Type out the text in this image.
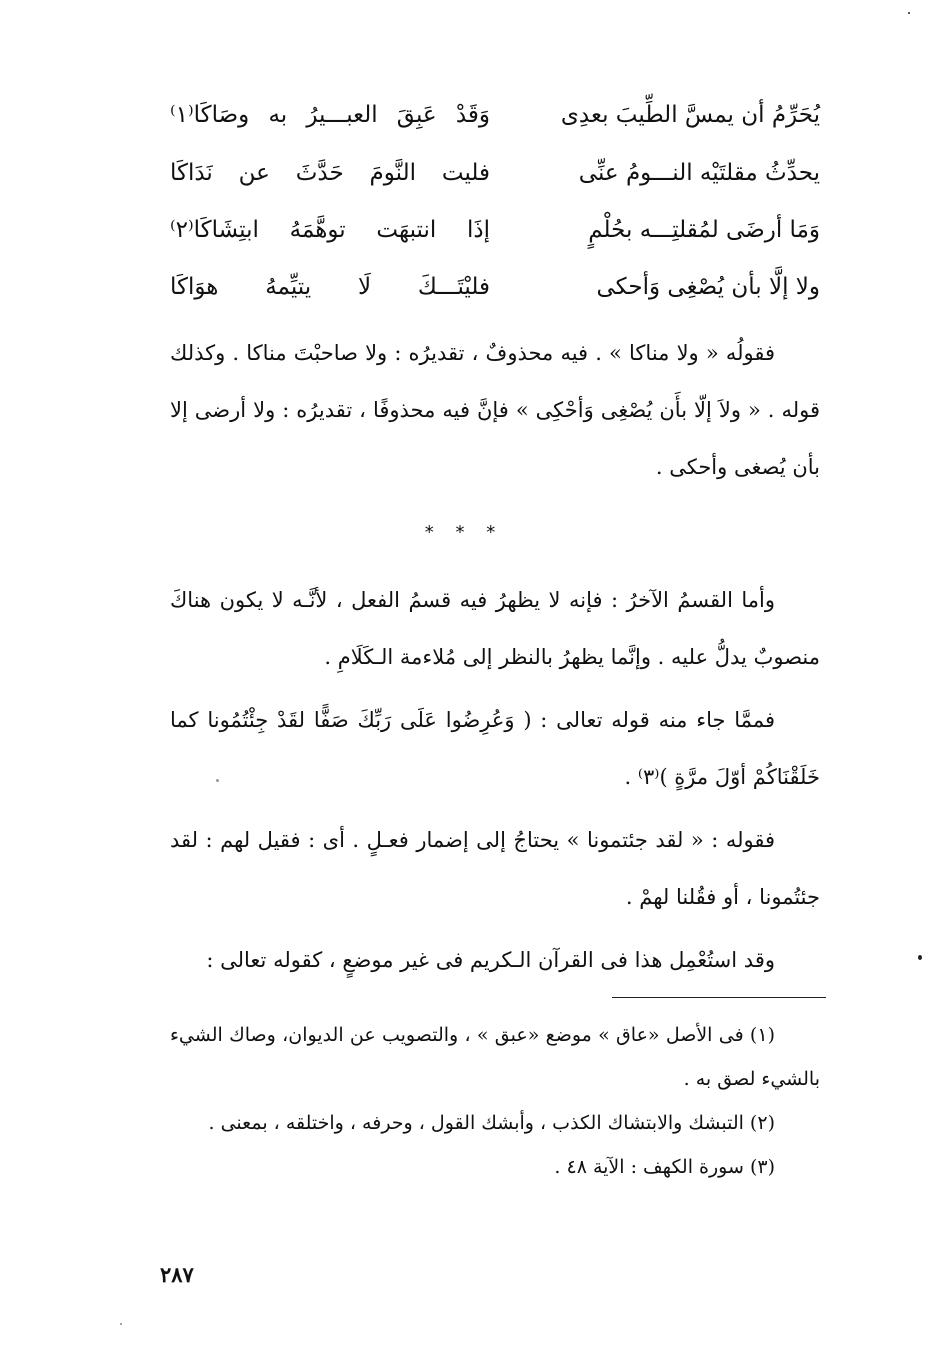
يُحَرِّمُ أن يمسَّ الطِّيبَ بعدِى
وَقَدْ عَبِقَ العبـــيرُ به وصَاكَا⁽١⁾
يحدِّثُ مقلتَيْه النـــومُ عنِّى
فليت النَّومَ حَدَّثَ عن نَدَاكَا
وَمَا أرضَى لمُقلتِـــه بحُلْمٍ
إذَا انتبهَت توهَّمَهُ ابتِشَاكَا⁽٢⁾
ولا إلَّا بأن يُصْغِى وَأحكى
فليْتَـــكَ لَا يتيِّمهُ هوَاكَا

فقولُه « ولا مناكا » . فيه محذوفٌ ، تقديرُه : ولا صاحبْتَ مناكا . وكذلك قوله . « ولاَ إلّا بأَن يُصْغِى وَأحْكِى » فإنَّ فيه محذوفًا ، تقديرُه : ولا أرضى إلا بأن يُصغى وأحكى .

* * *

وأما القسمُ الآخرُ : فإنه لا يظهرُ فيه قسمُ الفعل ، لأنَّـه لا يكون هناكَ منصوبٌ يدلُّ عليه . وإنَّما يظهرُ بالنظر إلى مُلاءمة الـكَلَامِ .

فممَّا جاء منه قوله تعالى : ( وَعُرِضُوا عَلَى رَبِّكَ صَفًّا لقَدْ جِئْتُمُونا كما خَلَقْنَاكُمْ أوّلَ مرَّةٍ )⁽٣⁾ .

فقوله : « لقد جئتمونا » يحتاجُ إلى إضمار فعـلٍ . أى : فقيل لهم : لقد جئتُمونا ، أو فقُلنا لهمْ .

وقد استُعْمِل هذا فى القرآن الـكريم فى غير موضعٍ ، كقوله تعالى :

(١) فى الأصل «عاق » موضع «عبق » ، والتصويب عن الديوان، وصاك الشيء بالشيء لصق به .

(٢) التبشك والابتشاك الكذب ، وأبشك القول ، وحرفه ، واختلقه ، بمعنى .

(٣) سورة الكهف : الآية ٤٨ .

٢٨٧
